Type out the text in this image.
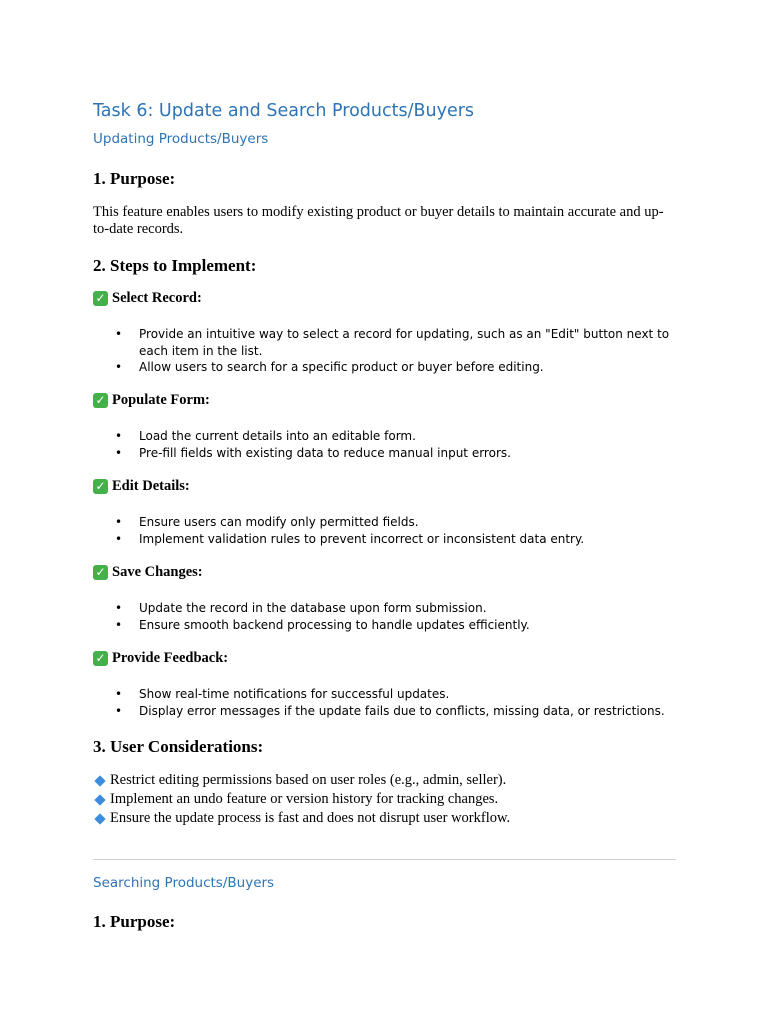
Task 6: Update and Search Products/Buyers
Updating Products/Buyers
1. Purpose:
This feature enables users to modify existing product or buyer details to maintain accurate and up-to-date records.
2. Steps to Implement:
✓ Select Record:
• Provide an intuitive way to select a record for updating, such as an "Edit" button next to each item in the list.
• Allow users to search for a specific product or buyer before editing.
✓ Populate Form:
• Load the current details into an editable form.
• Pre-fill fields with existing data to reduce manual input errors.
✓ Edit Details:
• Ensure users can modify only permitted fields.
• Implement validation rules to prevent incorrect or inconsistent data entry.
✓ Save Changes:
• Update the record in the database upon form submission.
• Ensure smooth backend processing to handle updates efficiently.
✓ Provide Feedback:
• Show real-time notifications for successful updates.
• Display error messages if the update fails due to conflicts, missing data, or restrictions.
3. User Considerations:
Restrict editing permissions based on user roles (e.g., admin, seller).
Implement an undo feature or version history for tracking changes.
Ensure the update process is fast and does not disrupt user workflow.
Searching Products/Buyers
1. Purpose:
